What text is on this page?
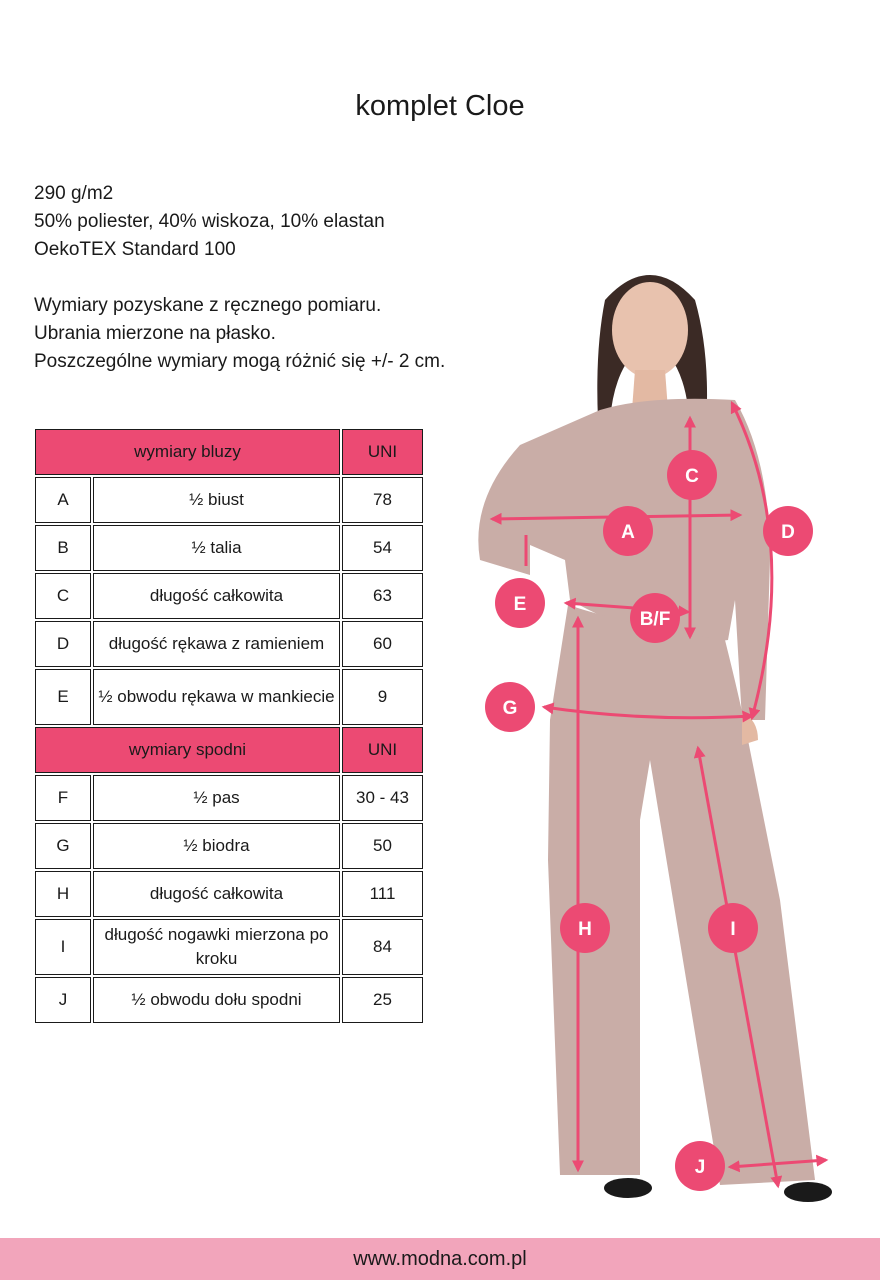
komplet Cloe
290 g/m2
50% poliester, 40% wiskoza, 10% elastan
OekoTEX Standard 100
Wymiary pozyskane z ręcznego pomiaru.
Ubrania mierzone na płasko.
Poszczególne wymiary mogą różnić się +/- 2 cm.
wymiary bluzy		UNI
A	½ biust	78
B	½ talia	54
C	długość całkowita	63
D	długość rękawa z ramieniem	60
E	½ obwodu rękawa w mankiecie	9
wymiary spodni		UNI
F	½ pas	30 - 43
G	½ biodra	50
H	długość całkowita	111
I	długość nogawki mierzona po kroku	84
J	½ obwodu dołu spodni	25
A
B/F
C
D
E
G
H	I
J
www.modna.com.pl
